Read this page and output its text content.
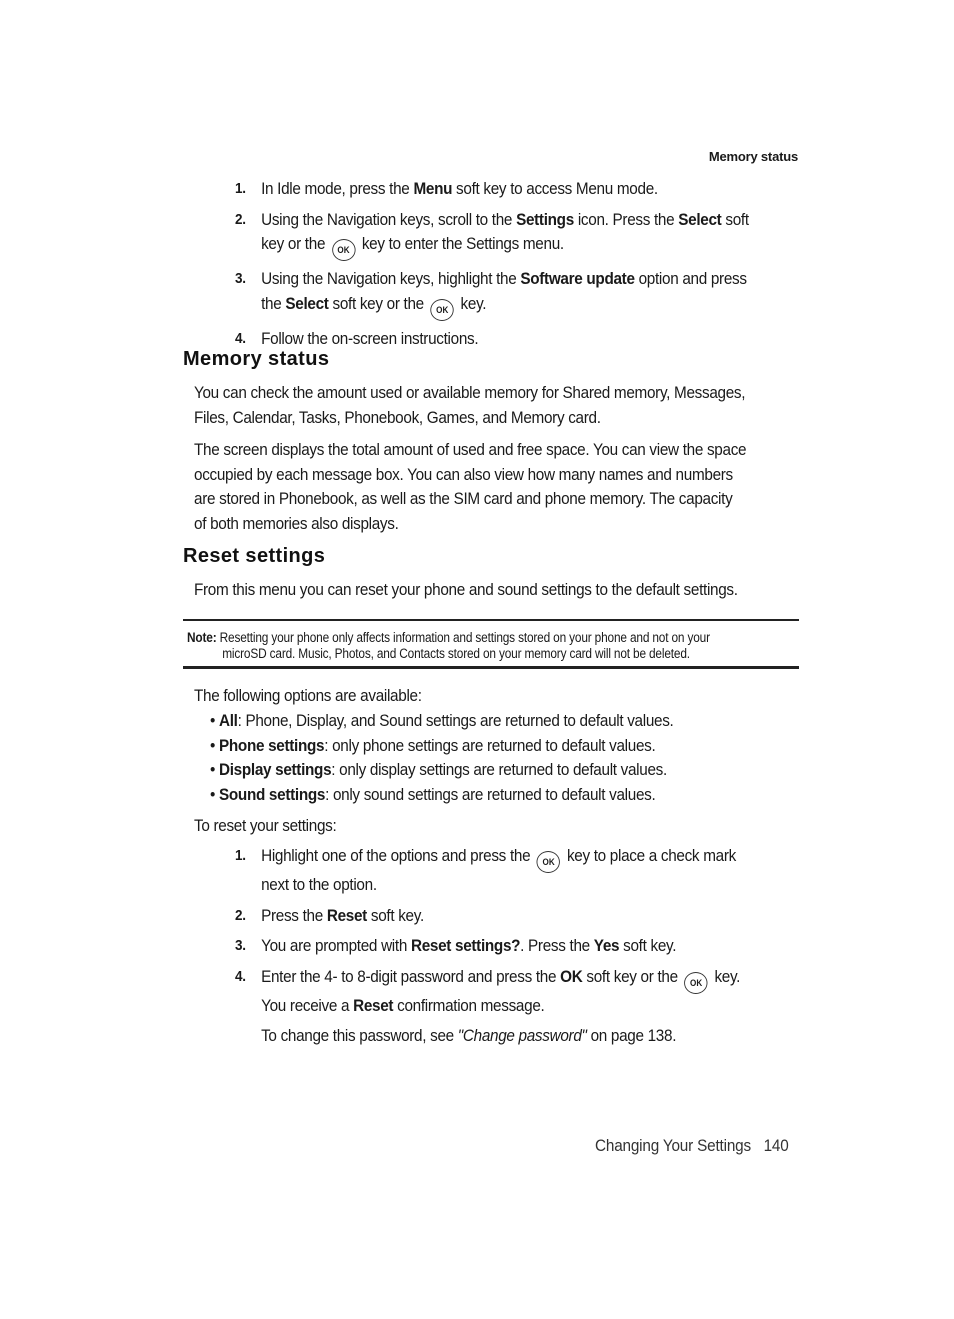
Memory status
1. In Idle mode, press the Menu soft key to access Menu mode.
2. Using the Navigation keys, scroll to the Settings icon. Press the Select soft
key or the OK key to enter the Settings menu.
3. Using the Navigation keys, highlight the Software update option and press
the Select soft key or the OK key.
4. Follow the on-screen instructions.
Memory status

You can check the amount used or available memory for Shared memory, Messages,
Files, Calendar, Tasks, Phonebook, Games, and Memory card.

The screen displays the total amount of used and free space. You can view the space
occupied by each message box. You can also view how many names and numbers
are stored in Phonebook, as well as the SIM card and phone memory. The capacity
of both memories also displays.

Reset settings

From this menu you can reset your phone and sound settings to the default settings.

Note: Resetting your phone only affects information and settings stored on your phone and not on your
microSD card. Music, Photos, and Contacts stored on your memory card will not be deleted.

The following options are available:

• All: Phone, Display, and Sound settings are returned to default values.
• Phone settings: only phone settings are returned to default values.
• Display settings: only display settings are returned to default values.
• Sound settings: only sound settings are returned to default values.

To reset your settings:

1. Highlight one of the options and press the OK key to place a check mark
next to the option.
2. Press the Reset soft key.
3. You are prompted with Reset settings?. Press the Yes soft key.
4. Enter the 4- to 8-digit password and press the OK soft key or the OK key.
You receive a Reset confirmation message.
To change this password, see "Change password" on page 138.
Changing Your Settings 140
